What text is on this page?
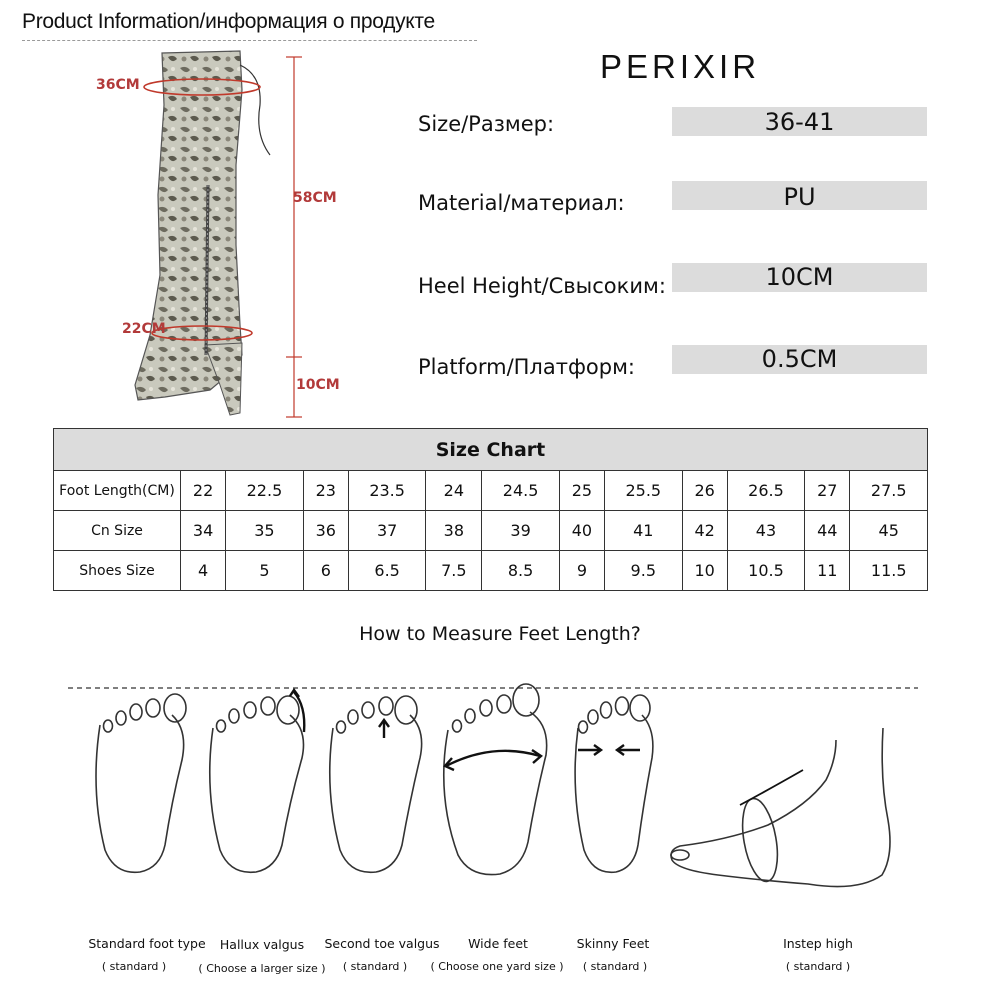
Product Information/информация о продукте
PERIXIR
36CM
58CM
22CM
10CM
Size/Размер:	36-41
Material/материал:	PU
Heel Height/Свысоким:	10CM
Platform/Платформ:	0.5CM
Size Chart												
Foot Length(CM)	22	22.5	23	23.5	24	24.5	25	25.5	26	26.5	27	27.5
Cn Size	34	35	36	37	38	39	40	41	42	43	44	45
Shoes Size	4	5	6	6.5	7.5	8.5	9	9.5	10	10.5	11	11.5
How to Measure Feet Length?
Standard foot type
( standard )
Hallux valgus
( Choose a larger size )
Second toe valgus
( standard )
Wide feet
( Choose one yard size )
Skinny Feet
( standard )
Instep high
( standard )
